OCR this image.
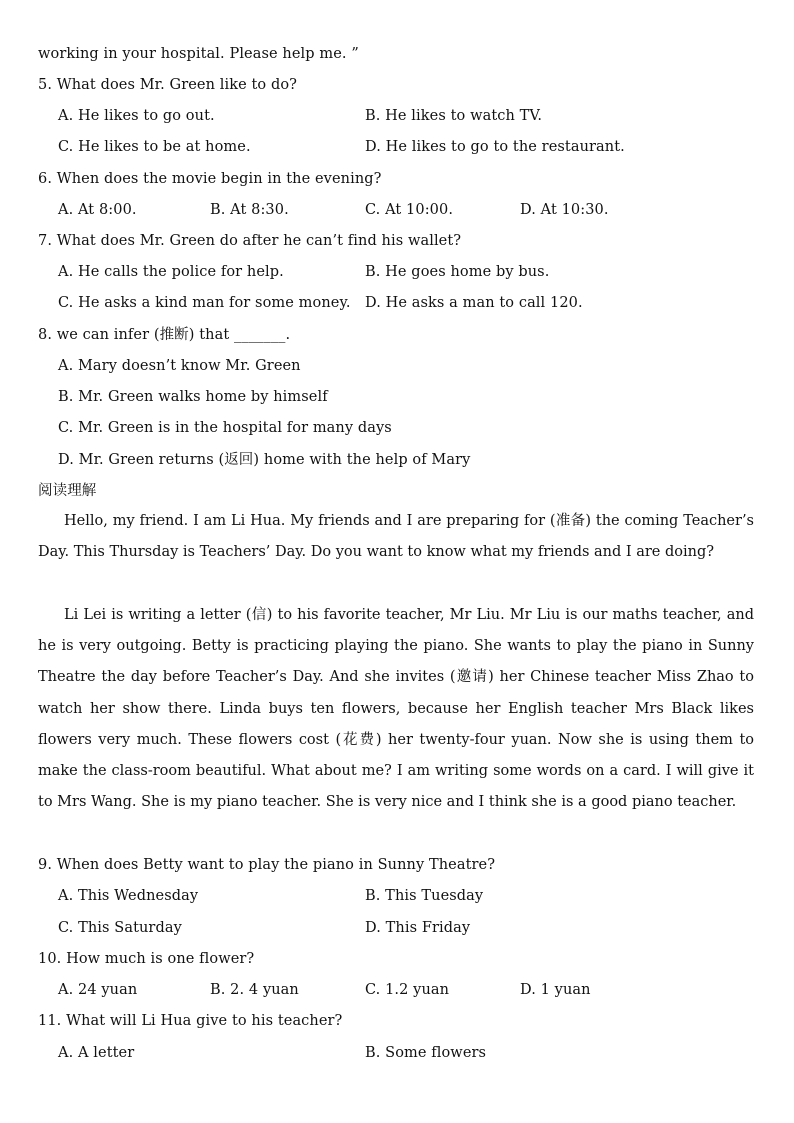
working in your hospital. Please help me. ”
5. What does Mr. Green like to do?
A. He likes to go out.	B. He likes to watch TV.
C. He likes to be at home.	D. He likes to go to the restaurant.
6. When does the movie begin in the evening?
A. At 8:00.	B. At 8:30.	C. At 10:00.	D. At 10:30.
7. What does Mr. Green do after he can’t find his wallet?
A. He calls the police for help.	B. He goes home by bus.
C. He asks a kind man for some money. D. He asks a man to call 120.
8. we can infer (推断) that _______.
A. Mary doesn’t know Mr. Green
B. Mr. Green walks home by himself
C. Mr. Green is in the hospital for many days
D. Mr. Green returns (返回) home with the help of Mary
阅读理解
Hello, my friend. I am Li Hua. My friends and I are preparing for (准备) the coming Teacher’s Day. This Thursday is Teachers’ Day. Do you want to know what my friends and I are doing?
Li Lei is writing a letter (信) to his favorite teacher, Mr Liu. Mr Liu is our maths teacher, and he is very outgoing. Betty is practicing playing the piano. She wants to play the piano in Sunny Theatre the day before Teacher’s Day. And she invites (邀请) her Chinese teacher Miss Zhao to watch her show there. Linda buys ten flowers, because her English teacher Mrs Black likes flowers very much. These flowers cost (花费) her twenty-four yuan. Now she is using them to make the class-room beautiful. What about me? I am writing some words on a card. I will give it to Mrs Wang. She is my piano teacher. She is very nice and I think she is a good piano teacher.
9. When does Betty want to play the piano in Sunny Theatre?
A. This Wednesday	B. This Tuesday
C. This Saturday	D. This Friday
10. How much is one flower?
A. 24 yuan	B. 2. 4 yuan	C. 1.2 yuan	D. 1 yuan
11. What will Li Hua give to his teacher?
A. A letter	B. Some flowers
